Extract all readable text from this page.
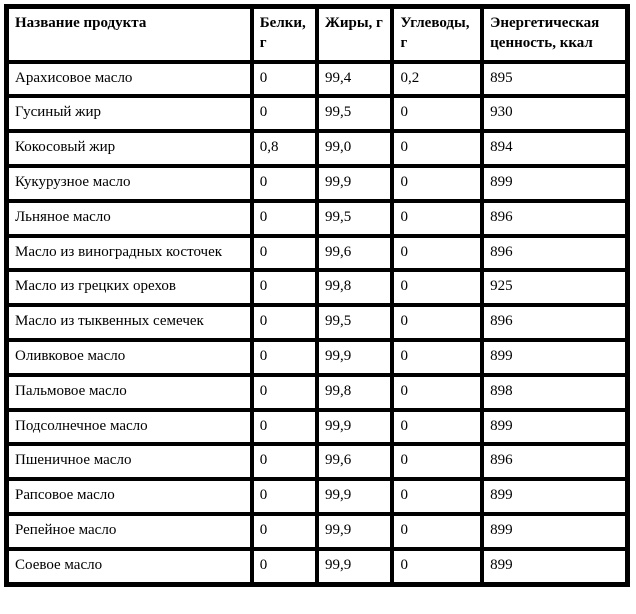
Название продукта	Белки, г	Жиры, г	Углеводы, г	Энергетическая ценность, ккал
Арахисовое масло	0	99,4	0,2	895
Гусиный жир	0	99,5	0	930
Кокосовый жир	0,8	99,0	0	894
Кукурузное масло	0	99,9	0	899
Льняное масло	0	99,5	0	896
Масло из виноградных косточек	0	99,6	0	896
Масло из грецких орехов	0	99,8	0	925
Масло из тыквенных семечек	0	99,5	0	896
Оливковое масло	0	99,9	0	899
Пальмовое масло	0	99,8	0	898
Подсолнечное масло	0	99,9	0	899
Пшеничное масло	0	99,6	0	896
Рапсовое масло	0	99,9	0	899
Репейное масло	0	99,9	0	899
Соевое масло	0	99,9	0	899
